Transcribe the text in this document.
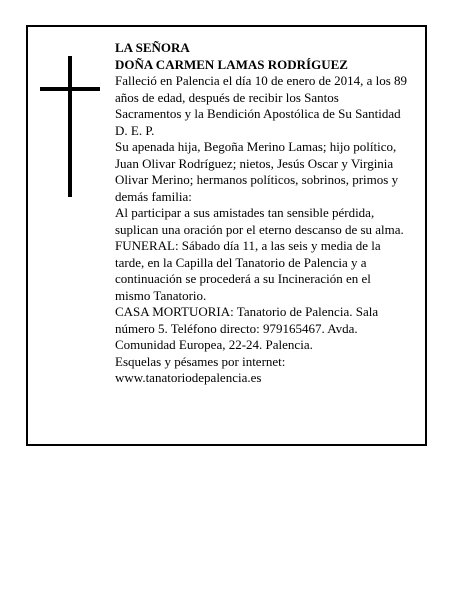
LA SEÑORA
DOÑA CARMEN LAMAS RODRÍGUEZ
Falleció en Palencia el día 10 de enero de 2014, a los 89
años de edad, después de recibir los Santos
Sacramentos y la Bendición Apostólica de Su Santidad
D. E. P.
Su apenada hija, Begoña Merino Lamas; hijo político,
Juan Olivar Rodríguez; nietos, Jesús Oscar y Virginia
Olivar Merino; hermanos políticos, sobrinos, primos y
demás familia:
Al participar a sus amistades tan sensible pérdida,
suplican una oración por el eterno descanso de su alma.
FUNERAL: Sábado día 11, a las seis y media de la
tarde, en la Capilla del Tanatorio de Palencia y a
continuación se procederá a su Incineración en el
mismo Tanatorio.
CASA MORTUORIA: Tanatorio de Palencia. Sala
número 5. Teléfono directo: 979165467. Avda.
Comunidad Europea, 22-24. Palencia.
Esquelas y pésames por internet:
www.tanatoriodepalencia.es
